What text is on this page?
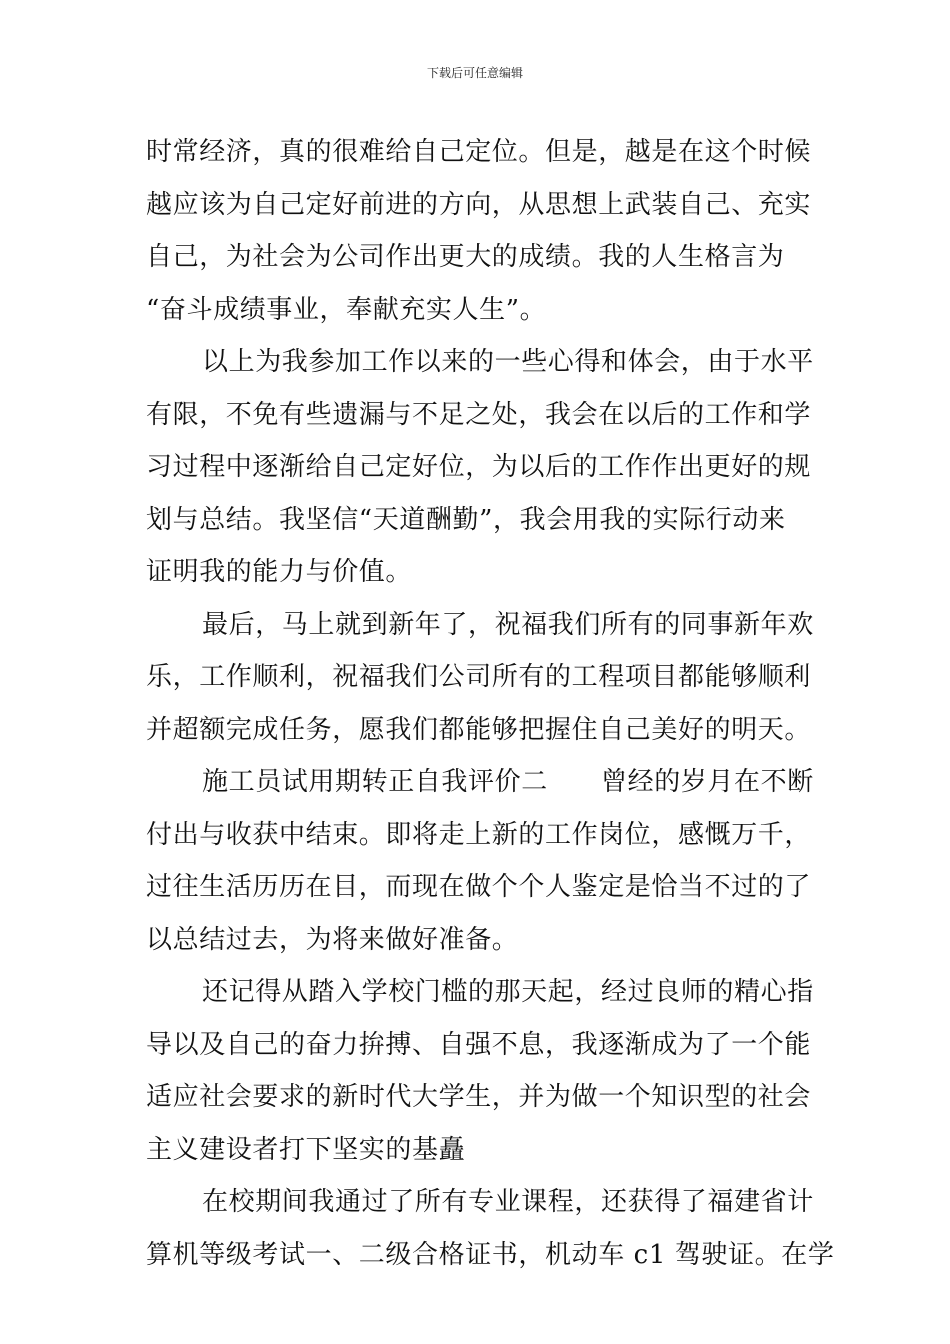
下载后可任意编辑
时常经济，真的很难给自己定位。但是，越是在这个时候
越应该为自己定好前进的方向，从思想上武装自己、充实
自己，为社会为公司作出更大的成绩。我的人生格言为
“奋斗成绩事业，奉献充实人生”。
以上为我参加工作以来的一些心得和体会，由于水平
有限，不免有些遗漏与不足之处，我会在以后的工作和学
习过程中逐渐给自己定好位，为以后的工作作出更好的规
划与总结。我坚信“天道酬勤”，我会用我的实际行动来
证明我的能力与价值。
最后，马上就到新年了，祝福我们所有的同事新年欢
乐，工作顺利，祝福我们公司所有的工程项目都能够顺利
并超额完成任务，愿我们都能够把握住自己美好的明天。
施工员试用期转正自我评价二　　曾经的岁月在不断
付出与收获中结束。即将走上新的工作岗位，感慨万千，
过往生活历历在目，而现在做个个人鉴定是恰当不过的了
以总结过去，为将来做好准备。
还记得从踏入学校门槛的那天起，经过良师的精心指
导以及自己的奋力拚搏、自强不息，我逐渐成为了一个能
适应社会要求的新时代大学生，并为做一个知识型的社会
主义建设者打下坚实的基矗
在校期间我通过了所有专业课程，还获得了福建省计
算机等级考试一、二级合格证书，机动车 c1 驾驶证。在学
